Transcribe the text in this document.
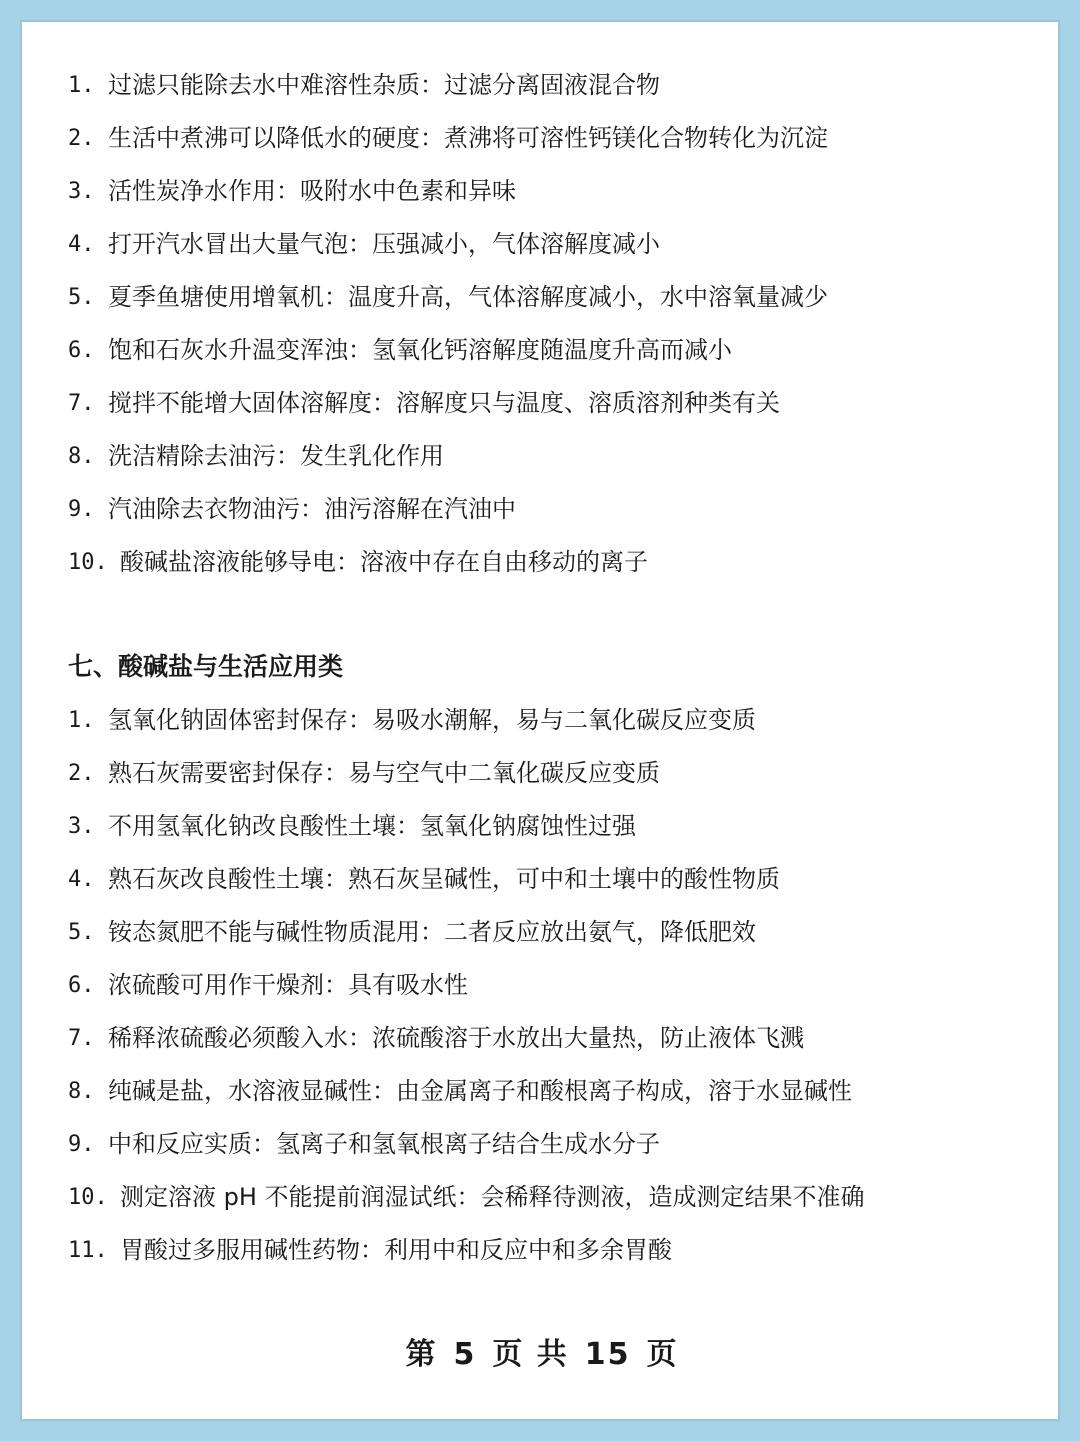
1. 过滤只能除去水中难溶性杂质：过滤分离固液混合物
2. 生活中煮沸可以降低水的硬度：煮沸将可溶性钙镁化合物转化为沉淀
3. 活性炭净水作用：吸附水中色素和异味
4. 打开汽水冒出大量气泡：压强减小，气体溶解度减小
5. 夏季鱼塘使用增氧机：温度升高，气体溶解度减小，水中溶氧量减少
6. 饱和石灰水升温变浑浊：氢氧化钙溶解度随温度升高而减小
7. 搅拌不能增大固体溶解度：溶解度只与温度、溶质溶剂种类有关
8. 洗洁精除去油污：发生乳化作用
9. 汽油除去衣物油污：油污溶解在汽油中
10. 酸碱盐溶液能够导电：溶液中存在自由移动的离子
七、酸碱盐与生活应用类
1. 氢氧化钠固体密封保存：易吸水潮解，易与二氧化碳反应变质
2. 熟石灰需要密封保存：易与空气中二氧化碳反应变质
3. 不用氢氧化钠改良酸性土壤：氢氧化钠腐蚀性过强
4. 熟石灰改良酸性土壤：熟石灰呈碱性，可中和土壤中的酸性物质
5. 铵态氮肥不能与碱性物质混用：二者反应放出氨气，降低肥效
6. 浓硫酸可用作干燥剂：具有吸水性
7. 稀释浓硫酸必须酸入水：浓硫酸溶于水放出大量热，防止液体飞溅
8. 纯碱是盐，水溶液显碱性：由金属离子和酸根离子构成，溶于水显碱性
9. 中和反应实质：氢离子和氢氧根离子结合生成水分子
10. 测定溶液 pH 不能提前润湿试纸：会稀释待测液，造成测定结果不准确
11. 胃酸过多服用碱性药物：利用中和反应中和多余胃酸
第 5 页 共 15 页
